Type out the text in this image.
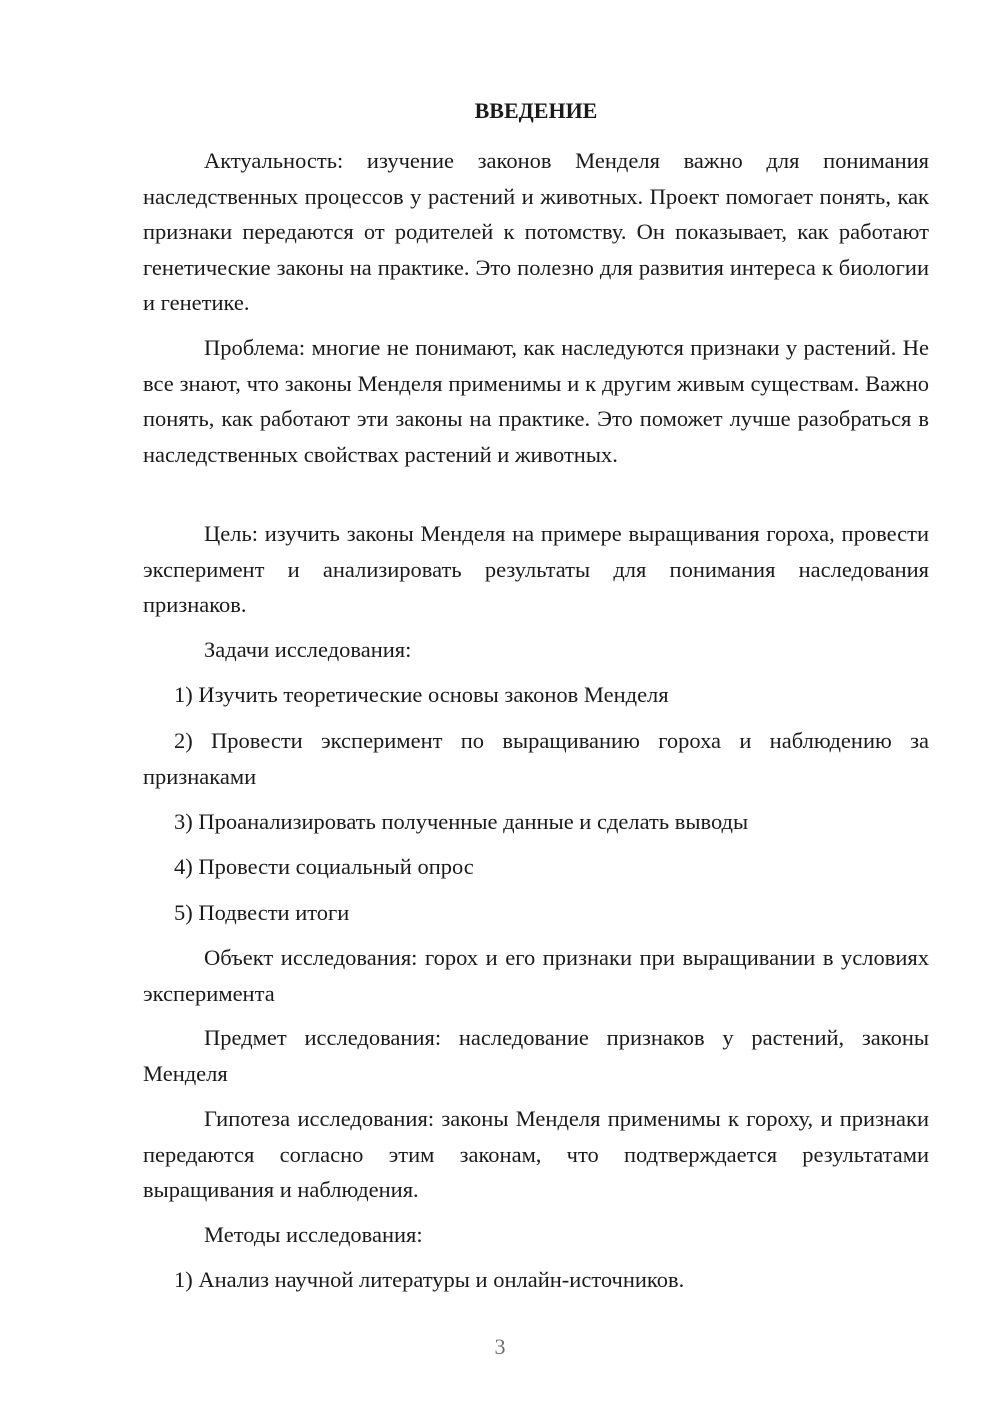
ВВЕДЕНИЕ

Актуальность: изучение законов Менделя важно для понимания наследственных процессов у растений и животных. Проект помогает понять, как признаки передаются от родителей к потомству. Он показывает, как работают генетические законы на практике. Это полезно для развития интереса к биологии и генетике.

Проблема: многие не понимают, как наследуются признаки у растений. Не все знают, что законы Менделя применимы и к другим живым существам. Важно понять, как работают эти законы на практике. Это поможет лучше разобраться в наследственных свойствах растений и животных.

Цель: изучить законы Менделя на примере выращивания гороха, провести эксперимент и анализировать результаты для понимания наследования признаков.

Задачи исследования:

1) Изучить теоретические основы законов Менделя

2) Провести эксперимент по выращиванию гороха и наблюдению за признаками

3) Проанализировать полученные данные и сделать выводы

4) Провести социальный опрос

5) Подвести итоги

Объект исследования: горох и его признаки при выращивании в условиях эксперимента

Предмет исследования: наследование признаков у растений, законы Менделя

Гипотеза исследования: законы Менделя применимы к гороху, и признаки передаются согласно этим законам, что подтверждается результатами выращивания и наблюдения.

Методы исследования:

1) Анализ научной литературы и онлайн-источников.

3
